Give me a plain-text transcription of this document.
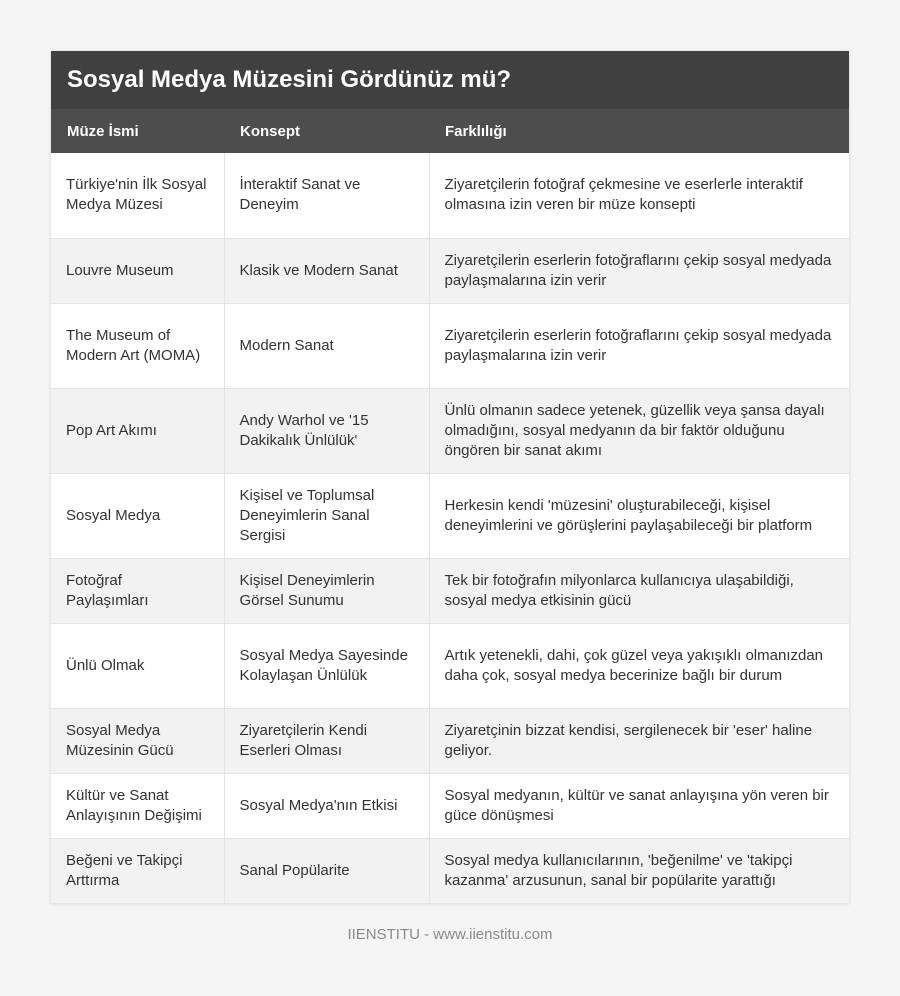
Sosyal Medya Müzesini Gördünüz mü?
Müze İsmi	Konsept	Farklılığı
Türkiye'nin İlk Sosyal Medya Müzesi	İnteraktif Sanat ve Deneyim	Ziyaretçilerin fotoğraf çekmesine ve eserlerle interaktif olmasına izin veren bir müze konsepti
Louvre Museum	Klasik ve Modern Sanat	Ziyaretçilerin eserlerin fotoğraflarını çekip sosyal medyada paylaşmalarına izin verir
The Museum of Modern Art (MOMA)	Modern Sanat	Ziyaretçilerin eserlerin fotoğraflarını çekip sosyal medyada paylaşmalarına izin verir
Pop Art Akımı	Andy Warhol ve '15 Dakikalık Ünlülük'	Ünlü olmanın sadece yetenek, güzellik veya şansa dayalı olmadığını, sosyal medyanın da bir faktör olduğunu öngören bir sanat akımı
Sosyal Medya	Kişisel ve Toplumsal Deneyimlerin Sanal Sergisi	Herkesin kendi 'müzesini' oluşturabileceği, kişisel deneyimlerini ve görüşlerini paylaşabileceği bir platform
Fotoğraf Paylaşımları	Kişisel Deneyimlerin Görsel Sunumu	Tek bir fotoğrafın milyonlarca kullanıcıya ulaşabildiği, sosyal medya etkisinin gücü
Ünlü Olmak	Sosyal Medya Sayesinde Kolaylaşan Ünlülük	Artık yetenekli, dahi, çok güzel veya yakışıklı olmanızdan daha çok, sosyal medya becerinize bağlı bir durum
Sosyal Medya Müzesinin Gücü	Ziyaretçilerin Kendi Eserleri Olması	Ziyaretçinin bizzat kendisi, sergilenecek bir 'eser' haline geliyor.
Kültür ve Sanat Anlayışının Değişimi	Sosyal Medya'nın Etkisi	Sosyal medyanın, kültür ve sanat anlayışına yön veren bir güce dönüşmesi
Beğeni ve Takipçi Arttırma	Sanal Popülarite	Sosyal medya kullanıcılarının, 'beğenilme' ve 'takipçi kazanma' arzusunun, sanal bir popülarite yarattığı
IIENSTITU - www.iienstitu.com
